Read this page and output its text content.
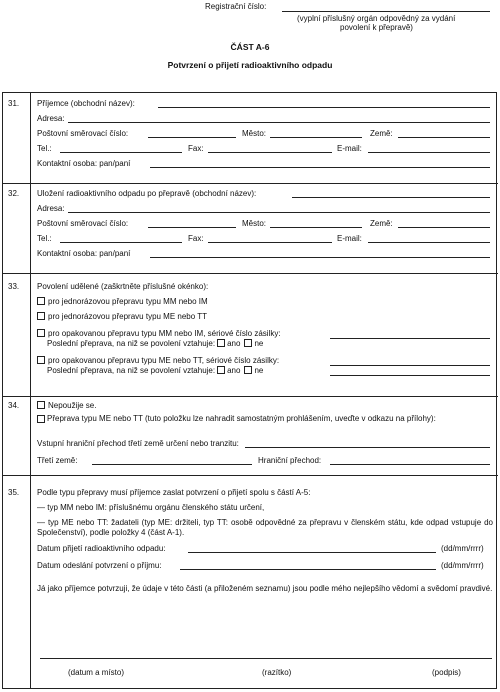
Registrační číslo:
(vyplní příslušný orgán odpovědný za vydání
povolení k přepravě)
ČÁST A-6
Potvrzení o přijetí radioaktivního odpadu
31. Příjemce (obchodní název):
Adresa:
Poštovní směrovací číslo:	Město:	Země:
Tel.:	Fax:	E-mail:
Kontaktní osoba: pan/paní
32. Uložení radioaktivního odpadu po přepravě (obchodní název):
Adresa:
Poštovní směrovací číslo:	Město:	Země:
Tel.:	Fax:	E-mail:
Kontaktní osoba: pan/paní
33. Povolení udělené (zaškrtněte příslušné okénko):
pro jednorázovou přepravu typu MM nebo IM
pro jednorázovou přepravu typu ME nebo TT
pro opakovanou přepravu typu MM nebo IM, sériové číslo zásilky:
Poslední přeprava, na niž se povolení vztahuje: ano ne
pro opakovanou přepravu typu ME nebo TT, sériové číslo zásilky:
Poslední přeprava, na niž se povolení vztahuje: ano ne
34.	Nepoužije se.
Přeprava typu ME nebo TT (tuto položku lze nahradit samostatným prohlášením, uveďte v odkazu na přílohy):
Vstupní hraniční přechod třetí země určení nebo tranzitu:
Třetí země:	Hraniční přechod:
35. Podle typu přepravy musí příjemce zaslat potvrzení o přijetí spolu s částí A-5:
— typ MM nebo IM: příslušnému orgánu členského státu určení,
— typ ME nebo TT: žadateli (typ ME: držiteli, typ TT: osobě odpovědné za přepravu v členském státu, kde odpad vstupuje do Společenství), podle položky 4 (část A-1).
Datum přijetí radioaktivního odpadu:	(dd/mm/rrrr)
Datum odeslání potvrzení o příjmu:	(dd/mm/rrrr)
Já jako příjemce potvrzuji, že údaje v této části (a přiloženém seznamu) jsou podle mého nejlepšího vědomí a svědomí pravdivé.
(datum a místo)	(razítko)	(podpis)
